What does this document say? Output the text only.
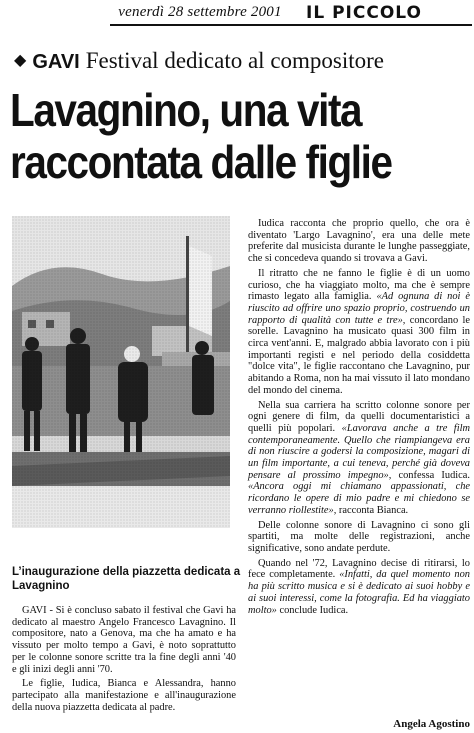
venerdì 28 settembre 2001	IL PICCOLO
◆ GAVI Festival dedicato al compositore
Lavagnino, una vita
raccontata dalle figlie
L’inaugurazione della piazzetta dedicata a Lavagnino

GAVI - Si è concluso sabato il festival che Gavi ha dedicato al maestro Angelo Francesco Lavagnino. Il compositore, nato a Genova, ma che ha amato e ha vissuto per molto tempo a Gavi, è noto soprattutto per le colonne sonore scritte tra la fine degli anni '40 e gli inizi degli anni '70.

Le figlie, Iudica, Bianca e Alessandra, hanno partecipato alla manifestazione e all'inaugurazione della nuova piazzetta dedicata al padre.

Iudica racconta che proprio quello, che ora è diventato 'Largo Lavagnino', era una delle mete preferite dal musicista durante le lunghe passeggiate, che si concedeva quando si trovava a Gavi.

Il ritratto che ne fanno le figlie è di un uomo curioso, che ha viaggiato molto, ma che è sempre rimasto legato alla famiglia. «Ad ognuna di noi è riuscito ad offrire uno spazio proprio, costruendo un rapporto di qualità con tutte e tre», concordano le sorelle. Lavagnino ha musicato quasi 300 film in circa vent'anni. E, malgrado abbia lavorato con i più importanti registi e nel periodo della cosiddetta "dolce vita", le figlie raccontano che Lavagnino, pur abitando a Roma, non ha mai vissuto il lato mondano del mondo del cinema.

Nella sua carriera ha scritto colonne sonore per ogni genere di film, da quelli documentaristici a quelli più popolari. «Lavorava anche a tre film contemporaneamente. Quello che riampiangeva era di non riuscire a godersi la composizione, magari di un film importante, a cui teneva, perché già doveva pensare al prossimo impegno», confessa Iudica. «Ancora oggi mi chiamano appassionati, che ricordano le opere di mio padre e mi chiedono se verranno riollestite», racconta Bianca.

Delle colonne sonore di Lavagnino ci sono gli spartiti, ma molte delle registrazioni, anche significative, sono andate perdute.

Quando nel '72, Lavagnino decise di ritirarsi, lo fece completamente. «Infatti, da quel momento non ha più scritto musica e si è dedicato ai suoi hobby e ai suoi interessi, come la fotografia. Ed ha viaggiato molto» conclude Iudica.

Angela Agostino
